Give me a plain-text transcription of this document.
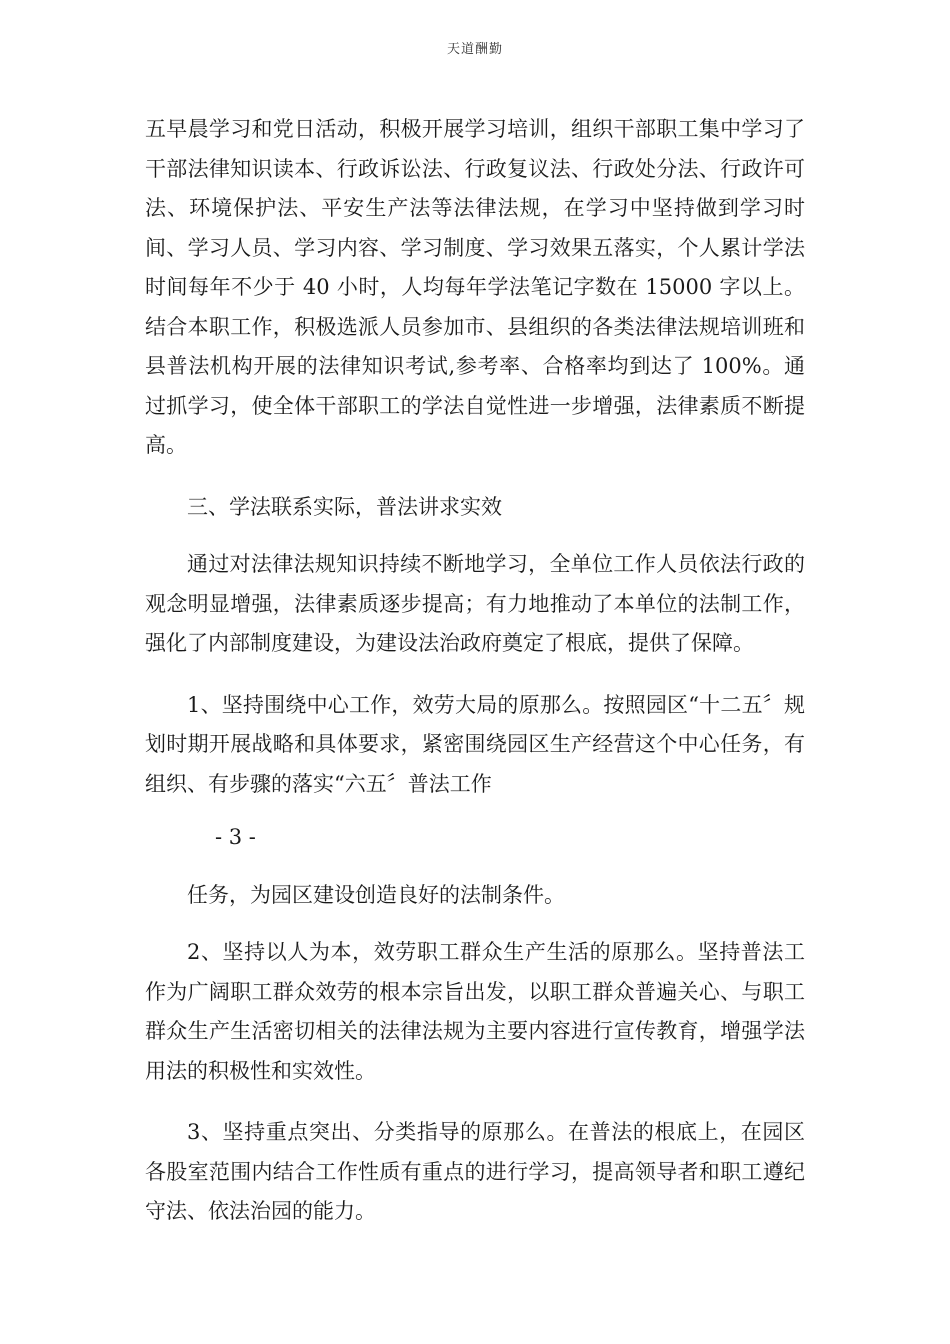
天道酬勤

五早晨学习和党日活动，积极开展学习培训，组织干部职工集中学习了干部法律知识读本、行政诉讼法、行政复议法、行政处分法、行政许可法、环境保护法、平安生产法等法律法规，在学习中坚持做到学习时间、学习人员、学习内容、学习制度、学习效果五落实，个人累计学法时间每年不少于 40 小时，人均每年学法笔记字数在 15000 字以上。结合本职工作，积极选派人员参加市、县组织的各类法律法规培训班和县普法机构开展的法律知识考试,参考率、合格率均到达了 100%。通过抓学习，使全体干部职工的学法自觉性进一步增强，法律素质不断提高。

三、学法联系实际，普法讲求实效

通过对法律法规知识持续不断地学习，全单位工作人员依法行政的观念明显增强，法律素质逐步提高；有力地推动了本单位的法制工作，强化了内部制度建设，为建设法治政府奠定了根底，提供了保障。

1、坚持围绕中心工作，效劳大局的原那么。按照园区“十二五〞规划时期开展战略和具体要求，紧密围绕园区生产经营这个中心任务，有组织、有步骤的落实“六五〞普法工作

- 3 -

任务，为园区建设创造良好的法制条件。

2、坚持以人为本，效劳职工群众生产生活的原那么。坚持普法工作为广阔职工群众效劳的根本宗旨出发，以职工群众普遍关心、与职工群众生产生活密切相关的法律法规为主要内容进行宣传教育，增强学法用法的积极性和实效性。

3、坚持重点突出、分类指导的原那么。在普法的根底上，在园区各股室范围内结合工作性质有重点的进行学习，提高领导者和职工遵纪守法、依法治园的能力。
